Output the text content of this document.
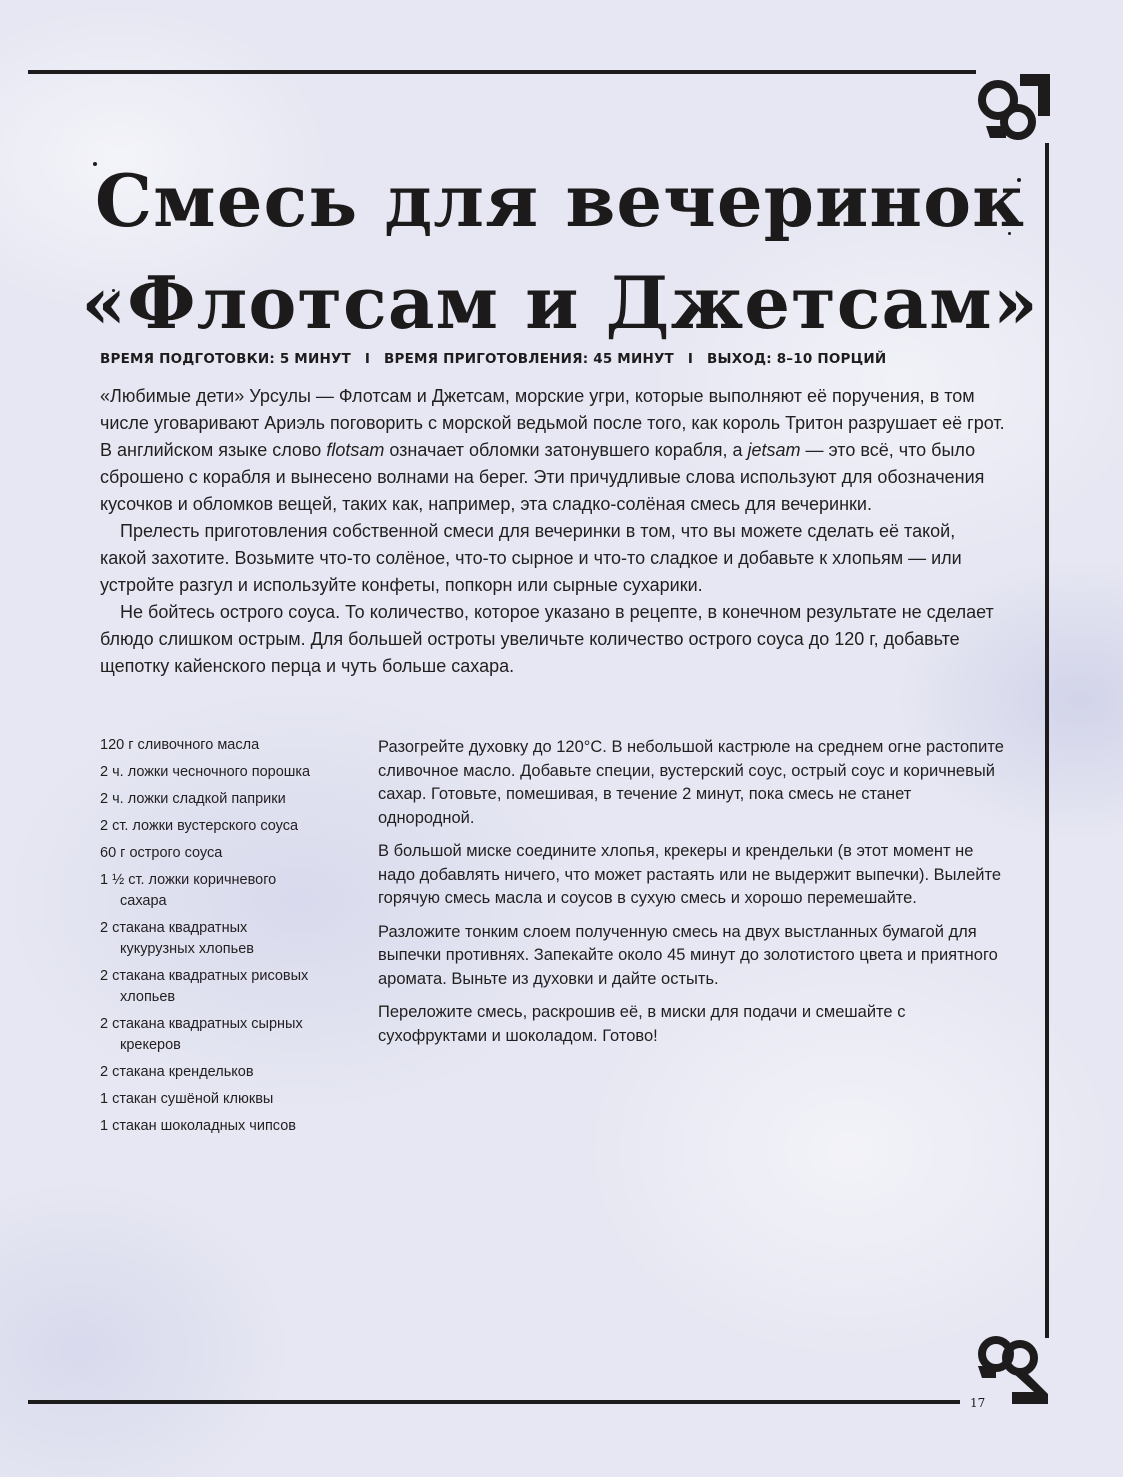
Смесь для вечеринок
«Флотсам и Джетсам»
ВРЕМЯ ПОДГОТОВКИ: 5 МИНУТ I ВРЕМЯ ПРИГОТОВЛЕНИЯ: 45 МИНУТ I ВЫХОД: 8–10 ПОРЦИЙ

«Любимые дети» Урсулы — Флотсам и Джетсам, морские угри, которые выполняют её поручения, в том числе уговаривают Ариэль поговорить с морской ведьмой после того, как король Тритон разрушает её грот. В английском языке слово flotsam означает обломки затонувшего корабля, а jetsam — это всё, что было сброшено с корабля и вынесено волнами на берег. Эти причудливые слова используют для обозначения кусочков и обломков вещей, таких как, например, эта сладко-солёная смесь для вечеринки.

Прелесть приготовления собственной смеси для вечеринки в том, что вы можете сделать её такой, какой захотите. Возьмите что-то солёное, что-то сырное и что-то сладкое и добавьте к хлопьям — или устройте разгул и используйте конфеты, попкорн или сырные сухарики.

Не бойтесь острого соуса. То количество, которое указано в рецепте, в конечном результате не сделает блюдо слишком острым. Для большей остроты увеличьте количество острого соуса до 120 г, добавьте щепотку кайенского перца и чуть больше сахара.

120 г сливочного масла
2 ч. ложки чесночного порошка
2 ч. ложки сладкой паприки
2 ст. ложки вустерского соуса
60 г острого соуса
1 ½ ст. ложки коричневого сахара
2 стакана квадратных кукурузных хлопьев
2 стакана квадратных рисовых хлопьев
2 стакана квадратных сырных крекеров
2 стакана крендельков
1 стакан сушёной клюквы
1 стакан шоколадных чипсов

Разогрейте духовку до 120°C. В небольшой кастрюле на среднем огне растопите сливочное масло. Добавьте специи, вустерский соус, острый соус и коричневый сахар. Готовьте, помешивая, в течение 2 минут, пока смесь не станет однородной.

В большой миске соедините хлопья, крекеры и крендельки (в этот момент не надо добавлять ничего, что может растаять или не выдержит выпечки). Вылейте горячую смесь масла и соусов в сухую смесь и хорошо перемешайте.

Разложите тонким слоем полученную смесь на двух выстланных бумагой для выпечки противнях. Запекайте около 45 минут до золотистого цвета и приятного аромата. Выньте из духовки и дайте остыть.

Переложите смесь, раскрошив её, в миски для подачи и смешайте с сухофруктами и шоколадом. Готово!

17
